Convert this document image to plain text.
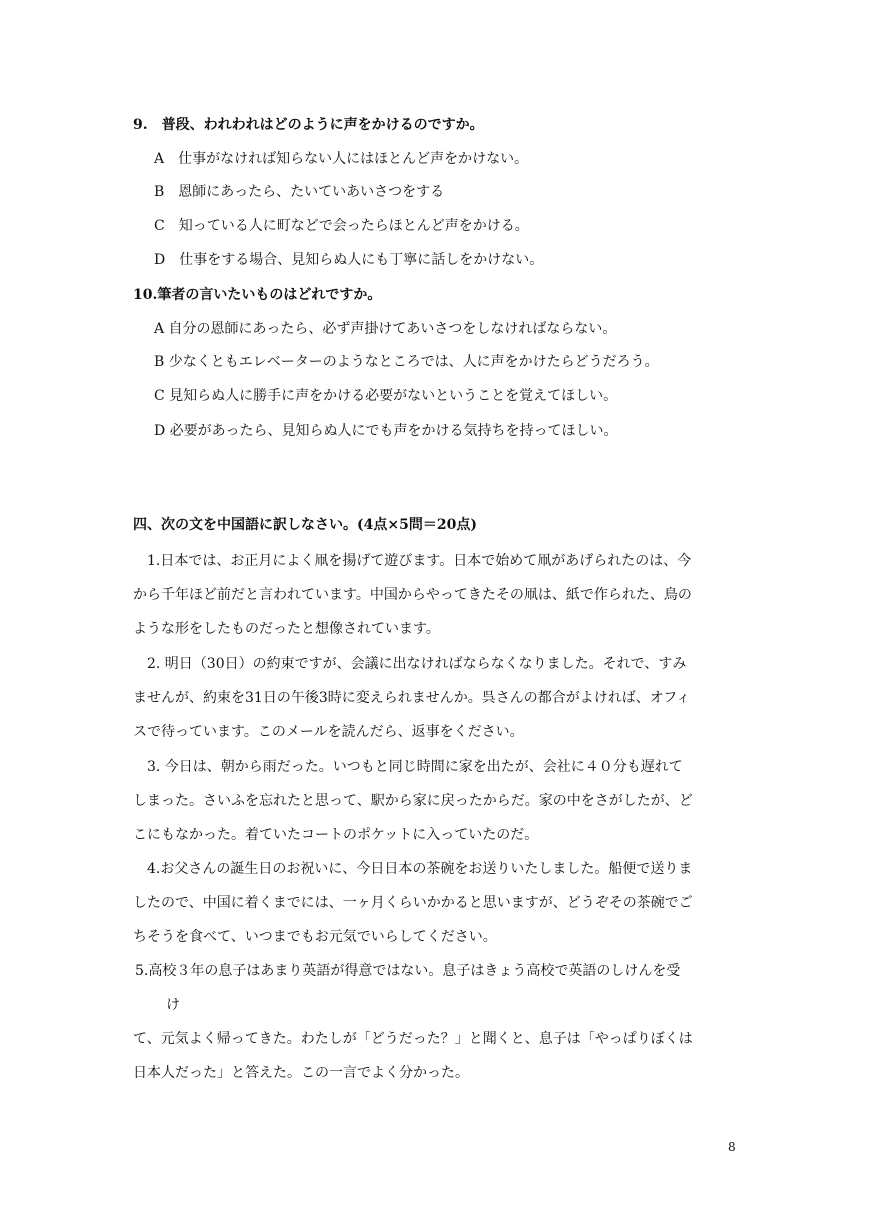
9.　普段、われわれはどのように声をかけるのですか。
A　仕事がなければ知らない人にはほとんど声をかけない。
B　恩師にあったら、たいていあいさつをする
C　知っている人に町などで会ったらほとんど声をかける。
D　仕事をする場合、見知らぬ人にも丁寧に話しをかけない。
10.筆者の言いたいものはどれですか。
A 自分の恩師にあったら、必ず声掛けてあいさつをしなければならない。
B 少なくともエレベーターのようなところでは、人に声をかけたらどうだろう。
C 見知らぬ人に勝手に声をかける必要がないということを覚えてほしい。
D 必要があったら、見知らぬ人にでも声をかける気持ちを持ってほしい。
四、次の文を中国語に訳しなさい。(4点×5問＝20点)
　1.日本では、お正月によく凧を揚げて遊びます。日本で始めて凧があげられたのは、今
から千年ほど前だと言われています。中国からやってきたその凧は、紙で作られた、鳥の
ような形をしたものだったと想像されています。
　2. 明日（30日）の約束ですが、会議に出なければならなくなりました。それで、すみ
ませんが、約束を31日の午後3時に変えられませんか。呉さんの都合がよければ、オフィ
スで待っています。このメールを読んだら、返事をください。
　3. 今日は、朝から雨だった。いつもと同じ時間に家を出たが、会社に４０分も遅れて
しまった。さいふを忘れたと思って、駅から家に戻ったからだ。家の中をさがしたが、ど
こにもなかった。着ていたコートのポケットに入っていたのだ。
　4.お父さんの誕生日のお祝いに、今日日本の茶碗をお送りいたしました。船便で送りま
したので、中国に着くまでには、一ヶ月くらいかかると思いますが、どうぞその茶碗でご
ちそうを食べて、いつまでもお元気でいらしてください。
5.高校３年の息子はあまり英語が得意ではない。息子はきょう高校で英語のしけんを受
け
て、元気よく帰ってきた。わたしが「どうだった？」と聞くと、息子は「やっぱりぼくは
日本人だった」と答えた。この一言でよく分かった。
8
